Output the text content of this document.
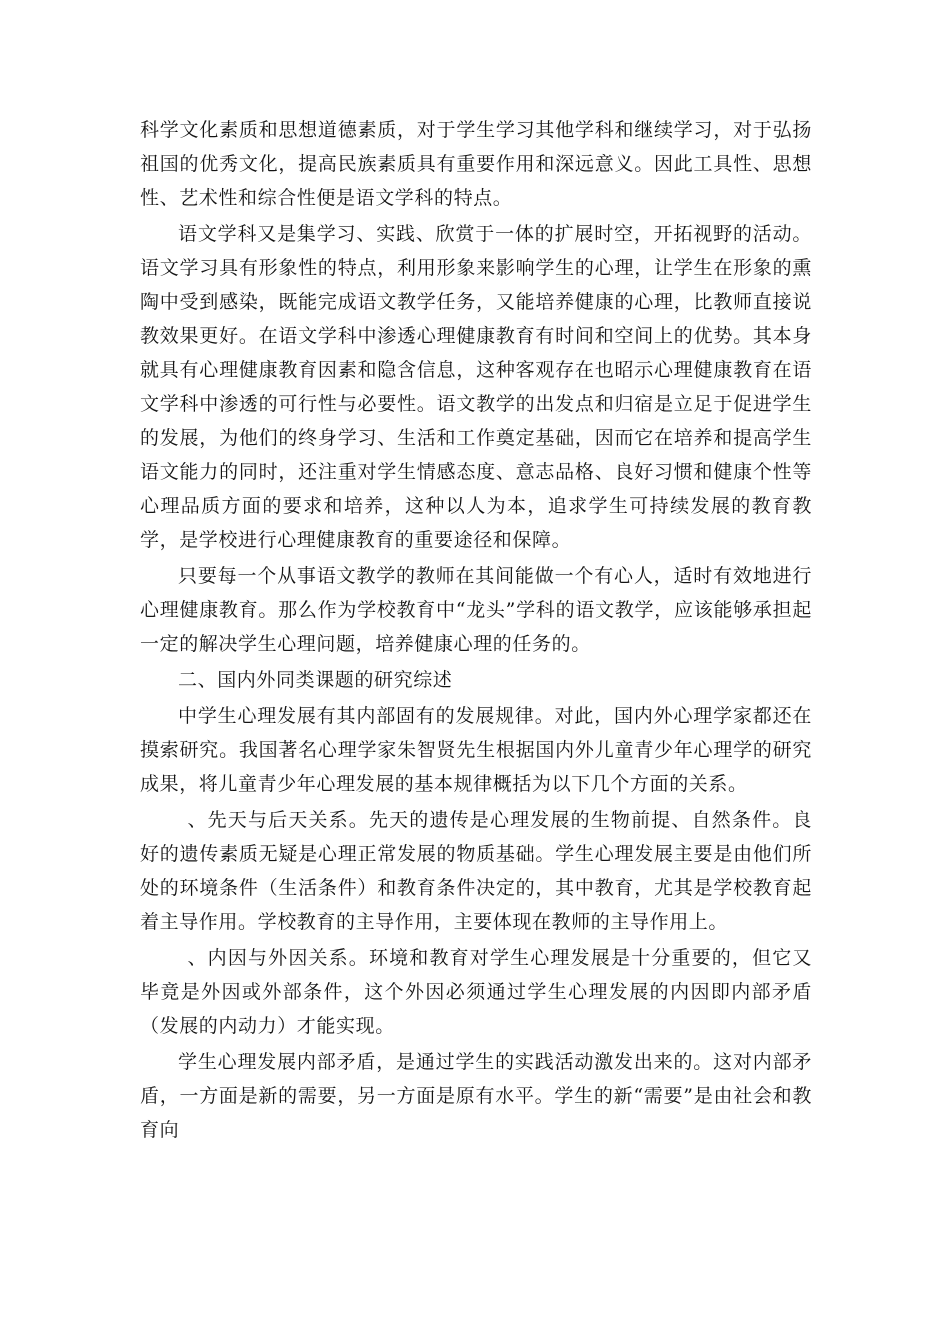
科学文化素质和思想道德素质，对于学生学习其他学科和继续学习，对于弘扬祖国的优秀文化，提高民族素质具有重要作用和深远意义。因此工具性、思想性、艺术性和综合性便是语文学科的特点。

语文学科又是集学习、实践、欣赏于一体的扩展时空，开拓视野的活动。语文学习具有形象性的特点，利用形象来影响学生的心理，让学生在形象的熏陶中受到感染，既能完成语文教学任务，又能培养健康的心理，比教师直接说教效果更好。在语文学科中渗透心理健康教育有时间和空间上的优势。其本身就具有心理健康教育因素和隐含信息，这种客观存在也昭示心理健康教育在语文学科中渗透的可行性与必要性。语文教学的出发点和归宿是立足于促进学生的发展，为他们的终身学习、生活和工作奠定基础，因而它在培养和提高学生语文能力的同时，还注重对学生情感态度、意志品格、良好习惯和健康个性等心理品质方面的要求和培养，这种以人为本，追求学生可持续发展的教育教学，是学校进行心理健康教育的重要途径和保障。

只要每一个从事语文教学的教师在其间能做一个有心人，适时有效地进行心理健康教育。那么作为学校教育中“龙头”学科的语文教学，应该能够承担起一定的解决学生心理问题，培养健康心理的任务的。

二、国内外同类课题的研究综述

中学生心理发展有其内部固有的发展规律。对此，国内外心理学家都还在摸索研究。我国著名心理学家朱智贤先生根据国内外儿童青少年心理学的研究成果，将儿童青少年心理发展的基本规律概括为以下几个方面的关系。

、先天与后天关系。先天的遗传是心理发展的生物前提、自然条件。良好的遗传素质无疑是心理正常发展的物质基础。学生心理发展主要是由他们所处的环境条件（生活条件）和教育条件决定的，其中教育，尤其是学校教育起着主导作用。学校教育的主导作用，主要体现在教师的主导作用上。

、内因与外因关系。环境和教育对学生心理发展是十分重要的，但它又毕竟是外因或外部条件，这个外因必须通过学生心理发展的内因即内部矛盾（发展的内动力）才能实现。

学生心理发展内部矛盾，是通过学生的实践活动激发出来的。这对内部矛盾，一方面是新的需要，另一方面是原有水平。学生的新“需要”是由社会和教育向
